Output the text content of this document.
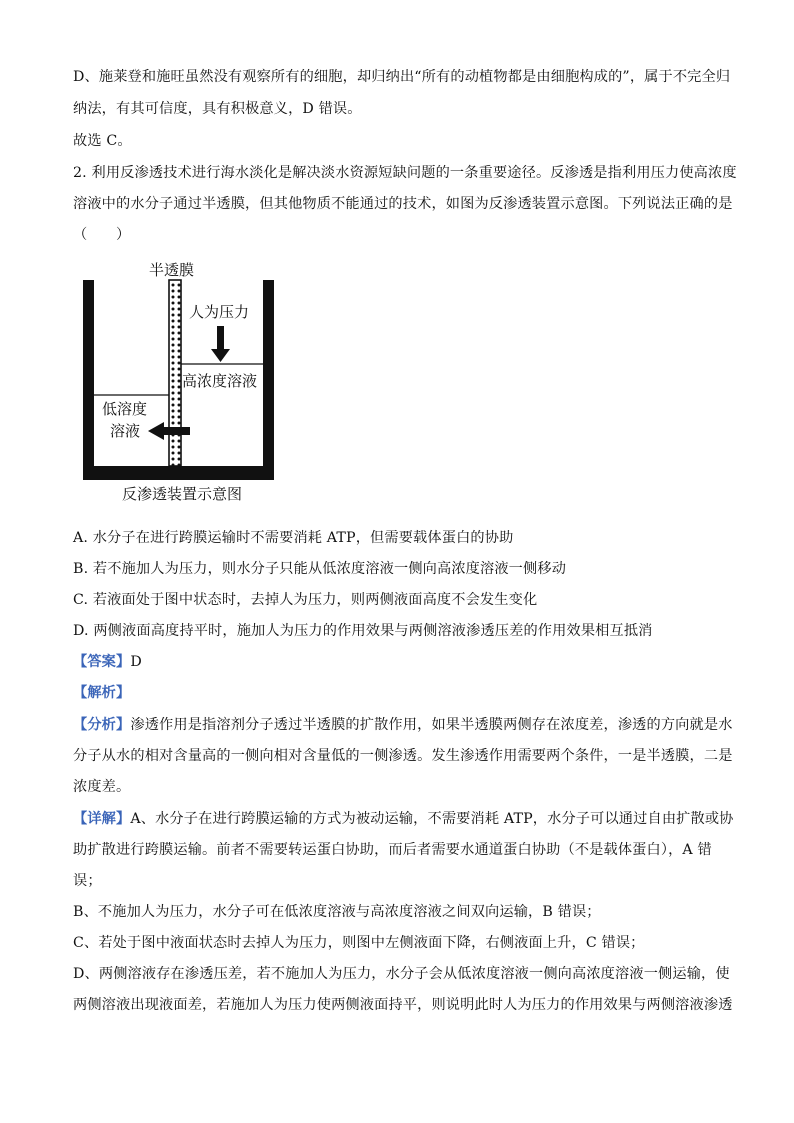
D、施莱登和施旺虽然没有观察所有的细胞，却归纳出“所有的动植物都是由细胞构成的”，属于不完全归
纳法，有其可信度，具有积极意义，D 错误。
故选 C。
2. 利用反渗透技术进行海水淡化是解决淡水资源短缺问题的一条重要途径。反渗透是指利用压力使高浓度
溶液中的水分子通过半透膜，但其他物质不能通过的技术，如图为反渗透装置示意图。下列说法正确的是
（　　）
半透膜
人为压力
高浓度溶液
低溶度
溶液
反渗透装置示意图
A. 水分子在进行跨膜运输时不需要消耗 ATP，但需要载体蛋白的协助
B. 若不施加人为压力，则水分子只能从低浓度溶液一侧向高浓度溶液一侧移动
C. 若液面处于图中状态时，去掉人为压力，则两侧液面高度不会发生变化
D. 两侧液面高度持平时，施加人为压力的作用效果与两侧溶液渗透压差的作用效果相互抵消
【答案】D
【解析】
【分析】渗透作用是指溶剂分子透过半透膜的扩散作用，如果半透膜两侧存在浓度差，渗透的方向就是水
分子从水的相对含量高的一侧向相对含量低的一侧渗透。发生渗透作用需要两个条件，一是半透膜，二是
浓度差。
【详解】A、水分子在进行跨膜运输的方式为被动运输，不需要消耗 ATP，水分子可以通过自由扩散或协
助扩散进行跨膜运输。前者不需要转运蛋白协助，而后者需要水通道蛋白协助（不是载体蛋白），A 错
误；
B、不施加人为压力，水分子可在低浓度溶液与高浓度溶液之间双向运输，B 错误；
C、若处于图中液面状态时去掉人为压力，则图中左侧液面下降，右侧液面上升，C 错误；
D、两侧溶液存在渗透压差，若不施加人为压力，水分子会从低浓度溶液一侧向高浓度溶液一侧运输，使
两侧溶液出现液面差，若施加人为压力使两侧液面持平，则说明此时人为压力的作用效果与两侧溶液渗透
